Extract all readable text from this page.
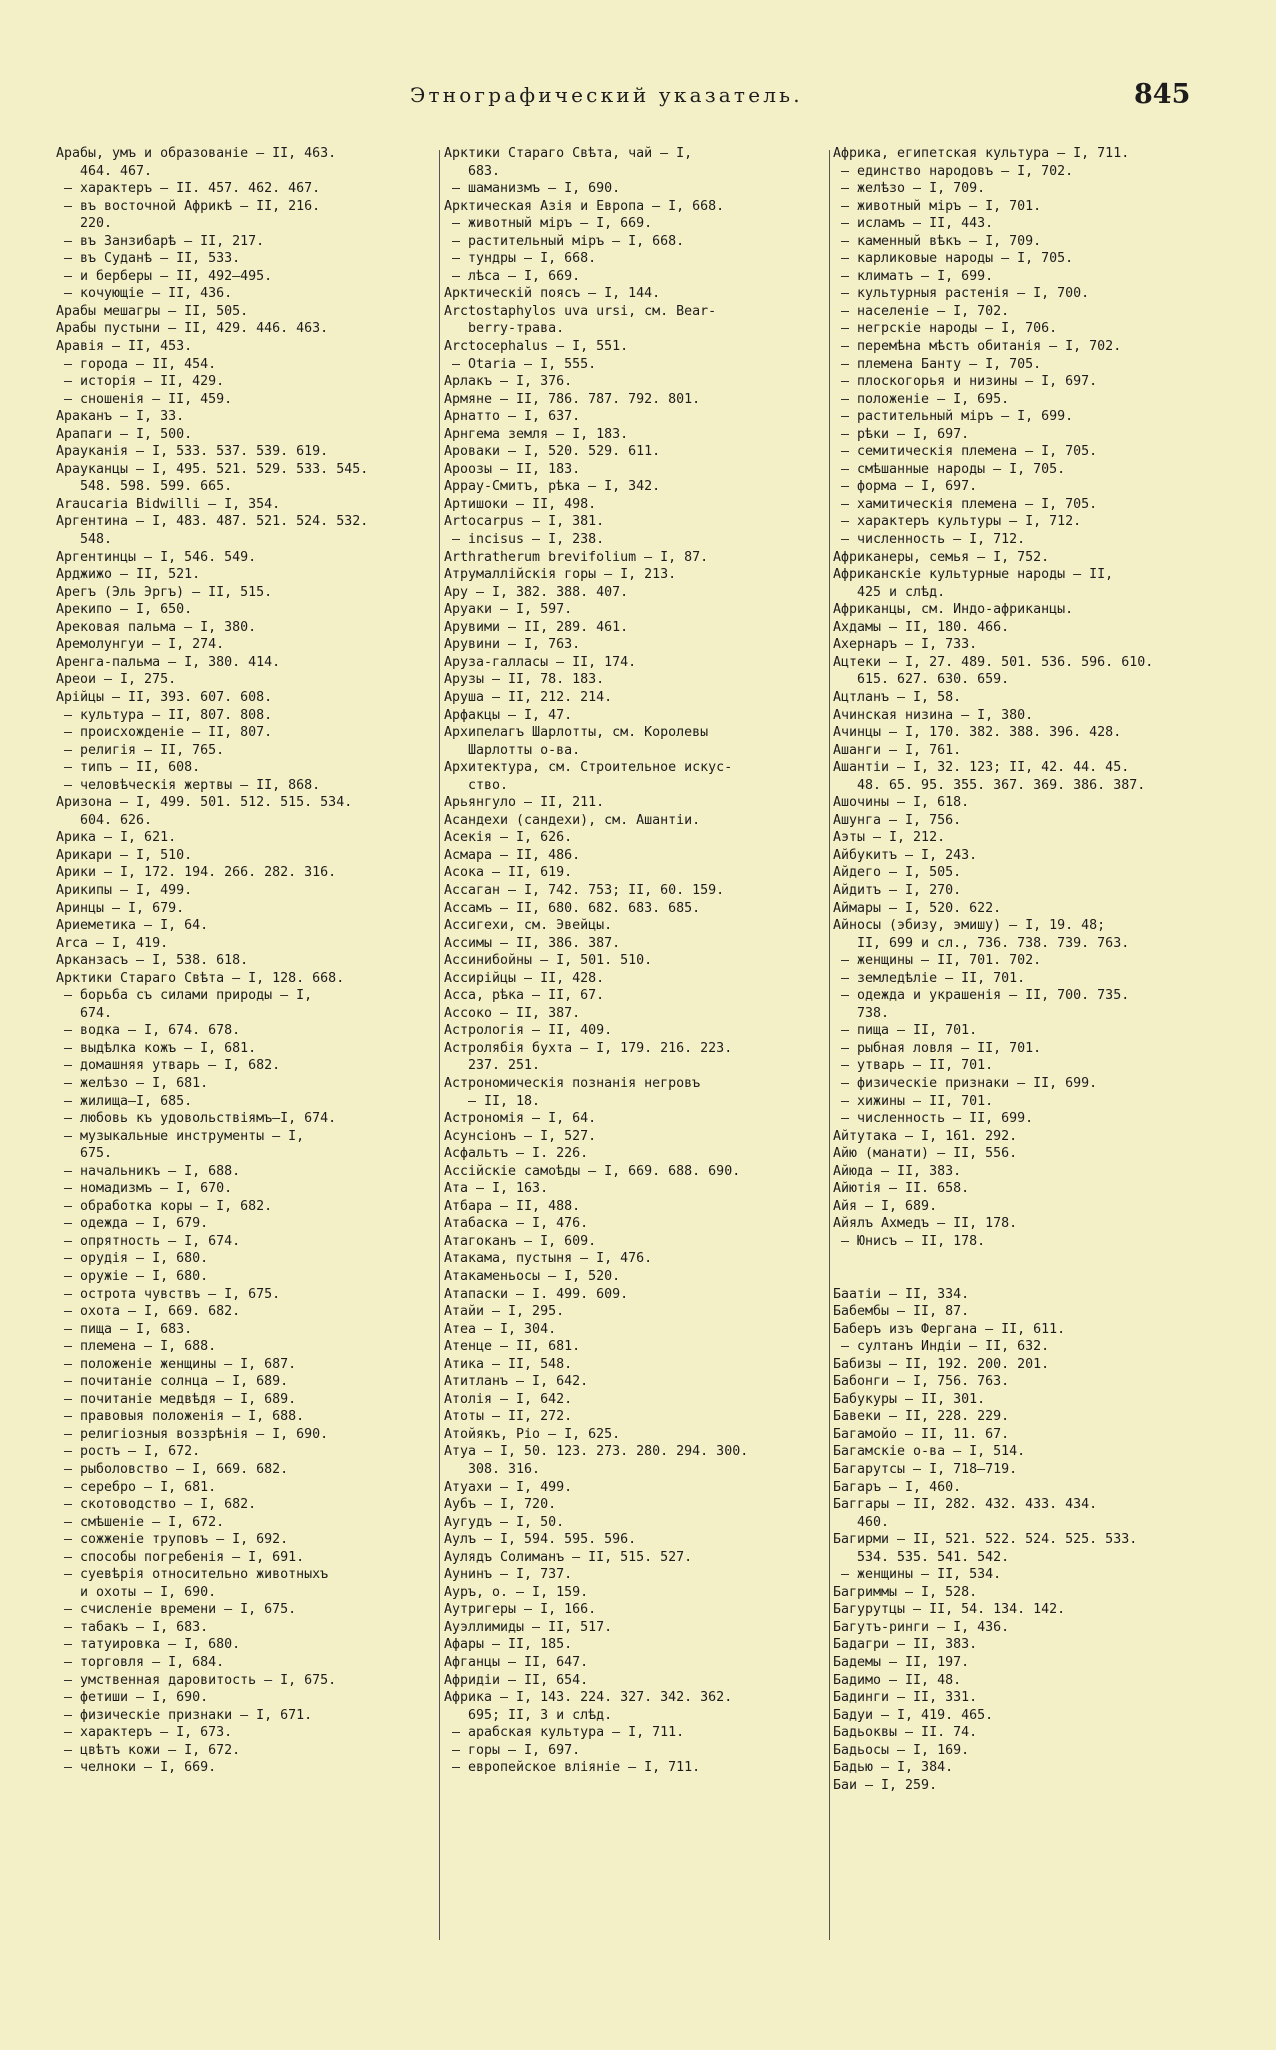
Этнографический указатель.	845
Арабы, умъ и образованіе — II, 463.
464. 467.
— характеръ — II. 457. 462. 467.
— въ восточной Африкѣ — II, 216.
220.
— въ Занзибарѣ — II, 217.
— въ Суданѣ — II, 533.
— и берберы — II, 492—495.
— кочующіе — II, 436.
Арабы мешагры — II, 505.
Арабы пустыни — II, 429. 446. 463.
Аравія — II, 453.
— города — II, 454.
— исторія — II, 429.
— сношенія — II, 459.
Араканъ — I, 33.
Арапаги — I, 500.
Арауканія — I, 533. 537. 539. 619.
Арауканцы — I, 495. 521. 529. 533. 545.
548. 598. 599. 665.
Araucaria Bidwilli — I, 354.
Аргентина — I, 483. 487. 521. 524. 532.
548.
Аргентинцы — I, 546. 549.
Арджижо — II, 521.
Арегъ (Эль Эргъ) — II, 515.
Арекипо — I, 650.
Арековая пальма — I, 380.
Аремолунгуи — I, 274.
Аренга-пальма — I, 380. 414.
Ареои — I, 275.
Арійцы — II, 393. 607. 608.
— культура — II, 807. 808.
— происхожденіе — II, 807.
— религія — II, 765.
— типъ — II, 608.
— человѣческія жертвы — II, 868.
Аризона — I, 499. 501. 512. 515. 534.
604. 626.
Арика — I, 621.
Арикари — I, 510.
Арики — I, 172. 194. 266. 282. 316.
Арикипы — I, 499.
Аринцы — I, 679.
Ариеметика — I, 64.
Arca — I, 419.
Арканзасъ — I, 538. 618.
Арктики Стараго Свѣта — I, 128. 668.
— борьба съ силами природы — I,
674.
— водка — I, 674. 678.
— выдѣлка кожъ — I, 681.
— домашняя утварь — I, 682.
— желѣзо — I, 681.
— жилища—I, 685.
— любовь къ удовольствіямъ—I, 674.
— музыкальные инструменты — I,
675.
— начальникъ — I, 688.
— номадизмъ — I, 670.
— обработка коры — I, 682.
— одежда — I, 679.
— опрятность — I, 674.
— орудія — I, 680.
— оружіе — I, 680.
— острота чувствъ — I, 675.
— охота — I, 669. 682.
— пища — I, 683.
— племена — I, 688.
— положеніе женщины — I, 687.
— почитаніе солнца — I, 689.
— почитаніе медвѣдя — I, 689.
— правовыя положенія — I, 688.
— религіозныя воззрѣнія — I, 690.
— ростъ — I, 672.
— рыболовство — I, 669. 682.
— серебро — I, 681.
— скотоводство — I, 682.
— смѣшеніе — I, 672.
— сожженіе труповъ — I, 692.
— способы погребенія — I, 691.
— суевѣрія относительно животныхъ
и охоты — I, 690.
— счисленіе времени — I, 675.
— табакъ — I, 683.
— татуировка — I, 680.
— торговля — I, 684.
— умственная даровитость — I, 675.
— фетиши — I, 690.
— физическіе признаки — I, 671.
— характеръ — I, 673.
— цвѣтъ кожи — I, 672.
— челноки — I, 669.
Арктики Стараго Свѣта, чай — I,
683.
— шаманизмъ — I, 690.
Арктическая Азія и Европа — I, 668.
— животный міръ — I, 669.
— растительный міръ — I, 668.
— тундры — I, 668.
— лѣса — I, 669.
Арктическій поясъ — I, 144.
Arctostaphylos uva ursi, см. Bear-
berry-трава.
Arctocephalus — I, 551.
— Otaria — I, 555.
Арлакъ — I, 376.
Армяне — II, 786. 787. 792. 801.
Арнатто — I, 637.
Арнгема земля — I, 183.
Ароваки — I, 520. 529. 611.
Ароозы — II, 183.
Арраy-Смитъ, рѣка — I, 342.
Артишоки — II, 498.
Artocarpus — I, 381.
— incisus — I, 238.
Arthratherum brevifolium — I, 87.
Атрумаллійскія горы — I, 213.
Ару — I, 382. 388. 407.
Аруаки — I, 597.
Арувими — II, 289. 461.
Арувини — I, 763.
Аруза-галласы — II, 174.
Арузы — II, 78. 183.
Аруша — II, 212. 214.
Арфакцы — I, 47.
Архипелагъ Шарлотты, см. Королевы
Шарлотты о-ва.
Архитектура, см. Строительное искус-
ство.
Арьянгуло — II, 211.
Асандехи (сандехи), см. Ашантіи.
Асекія — I, 626.
Асмара — II, 486.
Асока — II, 619.
Ассаган — I, 742. 753; II, 60. 159.
Ассамъ — II, 680. 682. 683. 685.
Ассигехи, см. Эвейцы.
Ассимы — II, 386. 387.
Ассинибойны — I, 501. 510.
Ассирійцы — II, 428.
Асса, рѣка — II, 67.
Ассоко — II, 387.
Астрологія — II, 409.
Астролябія бухта — I, 179. 216. 223.
237. 251.
Астрономическія познанія негровъ
— II, 18.
Астрономія — I, 64.
Асунсіонъ — I, 527.
Асфальтъ — I. 226.
Ассійскіе самоѣды — I, 669. 688. 690.
Ата — I, 163.
Атбара — II, 488.
Атабаска — I, 476.
Атагоканъ — I, 609.
Атакама, пустыня — I, 476.
Атакаменьосы — I, 520.
Атапаски — I. 499. 609.
Атайи — I, 295.
Атеа — I, 304.
Атенце — II, 681.
Атика — II, 548.
Атитланъ — I, 642.
Атолія — I, 642.
Атоты — II, 272.
Атойякъ, Ріо — I, 625.
Атуа — I, 50. 123. 273. 280. 294. 300.
308. 316.
Атуахи — I, 499.
Аубъ — I, 720.
Аугудъ — I, 50.
Аулъ — I, 594. 595. 596.
Аулядъ Солиманъ — II, 515. 527.
Аунинъ — I, 737.
Ауръ, о. — I, 159.
Аутригеры — I, 166.
Ауэллимиды — II, 517.
Афары — II, 185.
Афганцы — II, 647.
Афридіи — II, 654.
Африка — I, 143. 224. 327. 342. 362.
695; II, 3 и слѣд.
— арабская культура — I, 711.
— горы — I, 697.
— европейское вліяніе — I, 711.
Африка, египетская культура — I, 711.
— единство народовъ — I, 702.
— желѣзо — I, 709.
— животный міръ — I, 701.
— исламъ — II, 443.
— каменный вѣкъ — I, 709.
— карликовые народы — I, 705.
— климатъ — I, 699.
— культурныя растенія — I, 700.
— населеніе — I, 702.
— негрскіе народы — I, 706.
— перемѣна мѣстъ обитанія — I, 702.
— племена Банту — I, 705.
— плоскогорья и низины — I, 697.
— положеніе — I, 695.
— растительный міръ — I, 699.
— рѣки — I, 697.
— семитическія племена — I, 705.
— смѣшанные народы — I, 705.
— форма — I, 697.
— хамитическія племена — I, 705.
— характеръ культуры — I, 712.
— численность — I, 712.
Африканеры, семья — I, 752.
Африканскіе культурные народы — II,
425 и слѣд.
Африканцы, см. Индо-африканцы.
Ахдамы — II, 180. 466.
Ахернаръ — I, 733.
Ацтеки — I, 27. 489. 501. 536. 596. 610.
615. 627. 630. 659.
Ацтланъ — I, 58.
Ачинская низина — I, 380.
Ачинцы — I, 170. 382. 388. 396. 428.
Ашанги — I, 761.
Ашантіи — I, 32. 123; II, 42. 44. 45.
48. 65. 95. 355. 367. 369. 386. 387.
Ашочины — I, 618.
Ашунга — I, 756.
Аэты — I, 212.
Айбукитъ — I, 243.
Айдего — I, 505.
Айдитъ — I, 270.
Аймары — I, 520. 622.
Айносы (эбизу, эмишу) — I, 19. 48;
II, 699 и сл., 736. 738. 739. 763.
— женщины — II, 701. 702.
— земледѣліе — II, 701.
— одежда и украшенія — II, 700. 735.
738.
— пища — II, 701.
— рыбная ловля — II, 701.
— утварь — II, 701.
— физическіе признаки — II, 699.
— хижины — II, 701.
— численность — II, 699.
Айтутака — I, 161. 292.
Айю (манати) — II, 556.
Айюда — II, 383.
Айютія — II. 658.
Айя — I, 689.
Айялъ Ахмедъ — II, 178.
— Юнисъ — II, 178.
Баатіи — II, 334.
Бабембы — II, 87.
Баберъ изъ Фергана — II, 611.
— султанъ Индіи — II, 632.
Бабизы — II, 192. 200. 201.
Бабонги — I, 756. 763.
Бабукуры — II, 301.
Бавеки — II, 228. 229.
Багамойо — II, 11. 67.
Багамскіе о-ва — I, 514.
Багарутсы — I, 718—719.
Багаръ — I, 460.
Баггары — II, 282. 432. 433. 434.
460.
Багирми — II, 521. 522. 524. 525. 533.
534. 535. 541. 542.
— женщины — II, 534.
Багриммы — I, 528.
Багурутцы — II, 54. 134. 142.
Багутъ-ринги — I, 436.
Бадагри — II, 383.
Бадемы — II, 197.
Бадимо — II, 48.
Бадинги — II, 331.
Бадуи — I, 419. 465.
Бадьоквы — II. 74.
Бадьосы — I, 169.
Бадью — I, 384.
Баи — I, 259.
